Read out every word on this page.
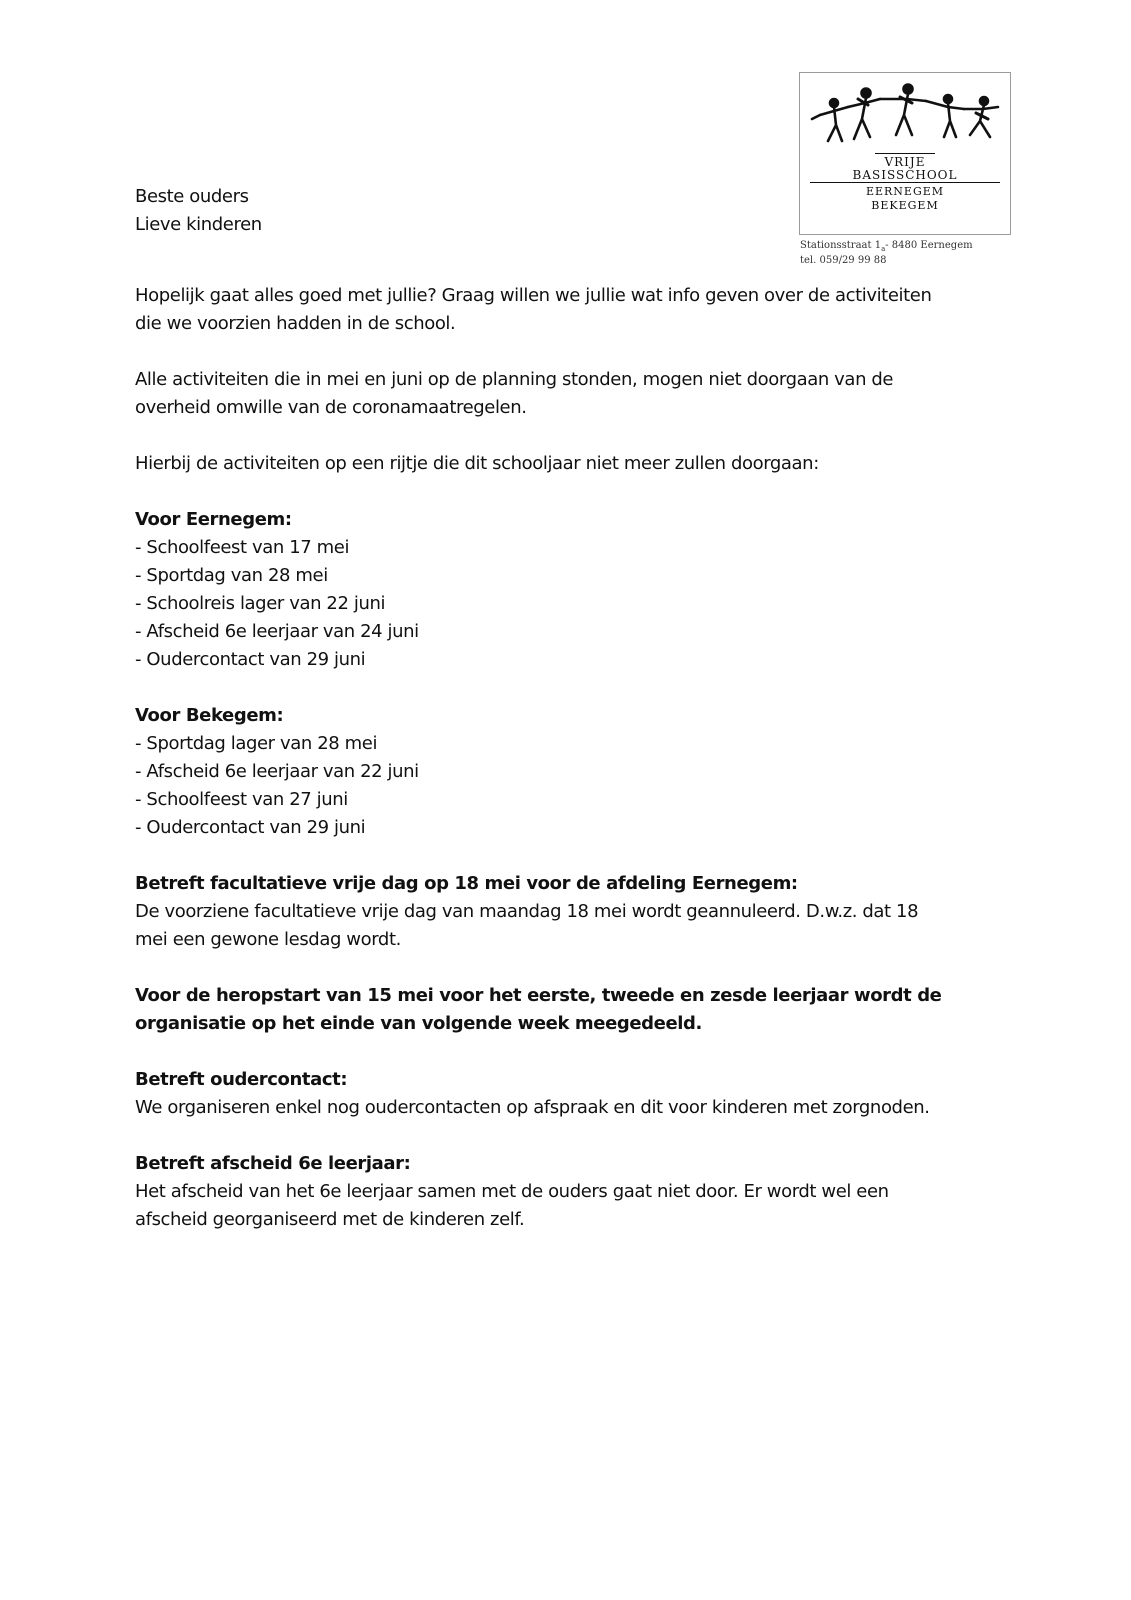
VRIJE
BASISSCHOOL
EERNEGEM
BEKEGEM
Stationsstraat $1_a-$ 8480 Eernegem
tel. 059/29 99 88

Beste ouders

Lieve kinderen

Hopelijk gaat alles goed met jullie? Graag willen we jullie wat info geven over de activiteiten

die we voorzien hadden in de school.

Alle activiteiten die in mei en juni op de planning stonden, mogen niet doorgaan van de

overheid omwille van de coronamaatregelen.

Hierbij de activiteiten op een rijtje die dit schooljaar niet meer zullen doorgaan:

Voor Eernegem:

- Schoolfeest van 17 mei

- Sportdag van 28 mei

- Schoolreis lager van 22 juni

- Afscheid 6e leerjaar van 24 juni

- Oudercontact van 29 juni

Voor Bekegem:

- Sportdag lager van 28 mei

- Afscheid 6e leerjaar van 22 juni

- Schoolfeest van 27 juni

- Oudercontact van 29 juni

Betreft facultatieve vrije dag op 18 mei voor de afdeling Eernegem:

De voorziene facultatieve vrije dag van maandag 18 mei wordt geannuleerd. D.w.z. dat 18

mei een gewone lesdag wordt.

Voor de heropstart van 15 mei voor het eerste, tweede en zesde leerjaar wordt de

organisatie op het einde van volgende week meegedeeld.

Betreft oudercontact:

We organiseren enkel nog oudercontacten op afspraak en dit voor kinderen met zorgnoden.

Betreft afscheid 6e leerjaar:

Het afscheid van het 6e leerjaar samen met de ouders gaat niet door. Er wordt wel een

afscheid georganiseerd met de kinderen zelf.
